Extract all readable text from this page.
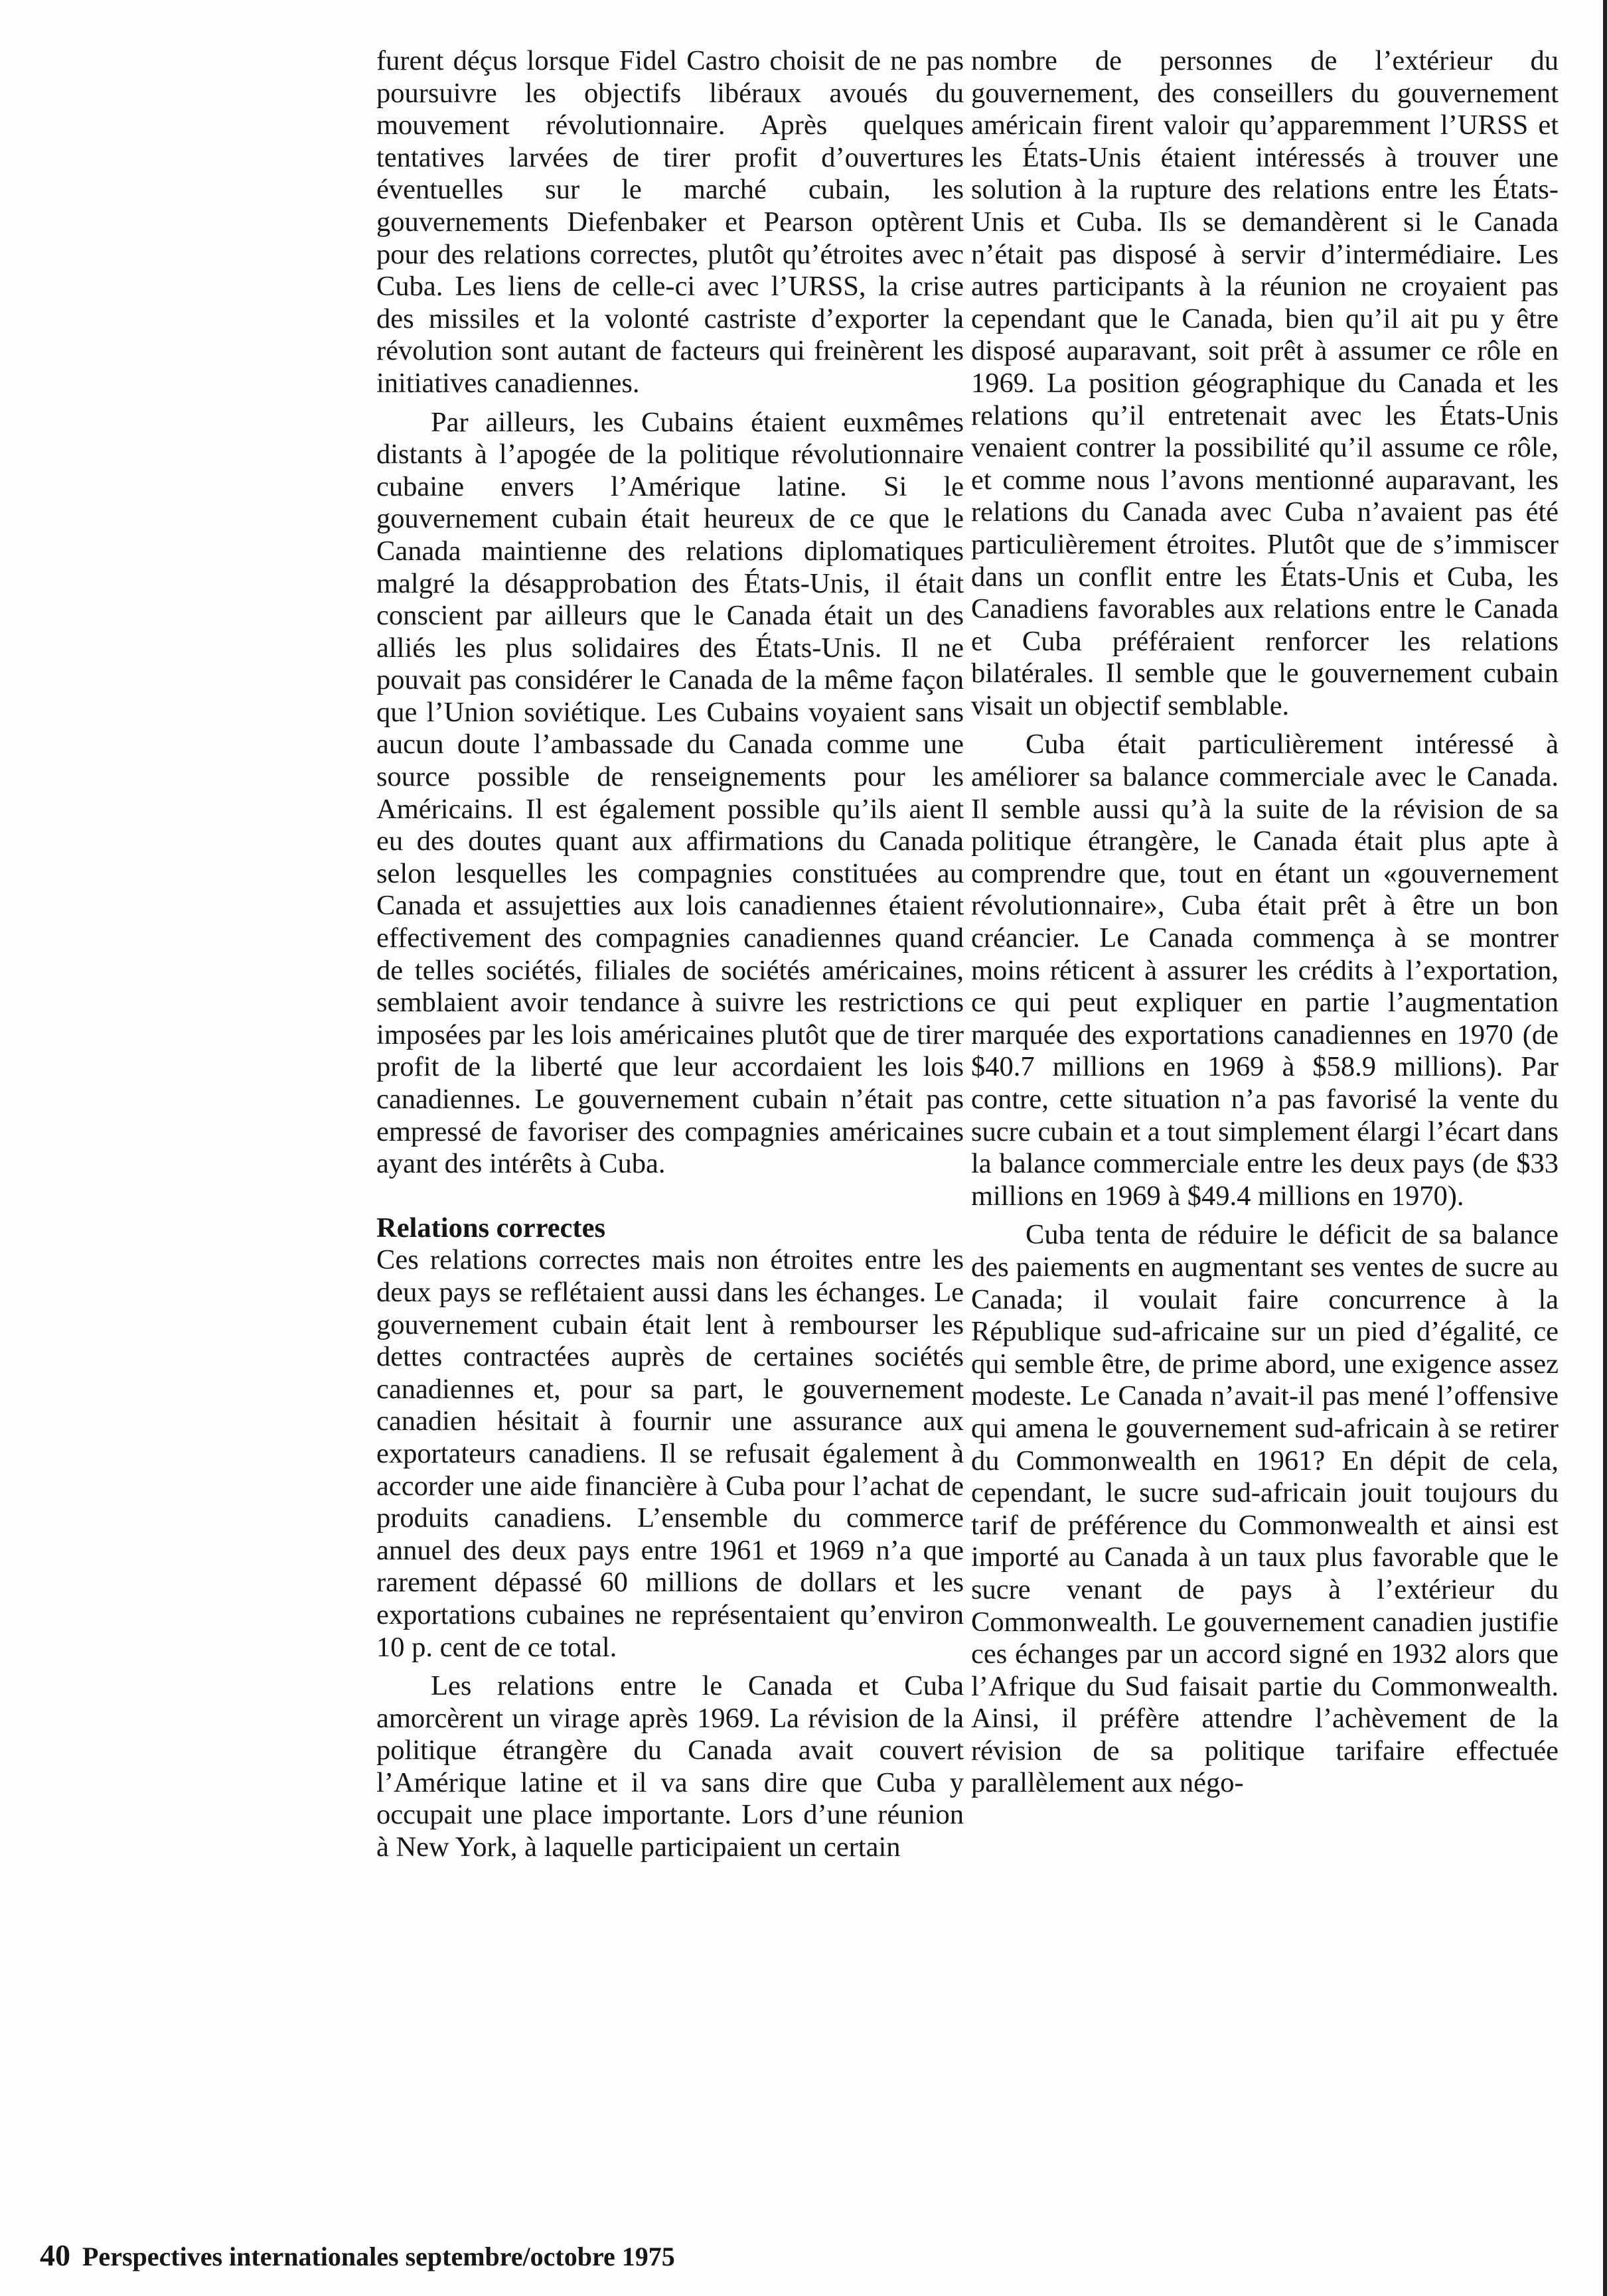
furent déçus lorsque Fidel Castro choisit de ne pas poursuivre les objectifs libéraux avoués du mouvement révolutionnaire. Après quelques tentatives larvées de tirer profit d’ouvertures éventuelles sur le marché cubain, les gouvernements Diefenbaker et Pearson optèrent pour des relations correctes, plutôt qu’étroites avec Cuba. Les liens de celle-ci avec l’URSS, la crise des missiles et la volonté castriste d’exporter la révolution sont autant de facteurs qui freinèrent les initiatives canadiennes.

Par ailleurs, les Cubains étaient euxmêmes distants à l’apogée de la politique révolutionnaire cubaine envers l’Amérique latine. Si le gouvernement cubain était heureux de ce que le Canada maintienne des relations diplomatiques malgré la désapprobation des États-Unis, il était conscient par ailleurs que le Canada était un des alliés les plus solidaires des États-Unis. Il ne pouvait pas considérer le Canada de la même façon que l’Union soviétique. Les Cubains voyaient sans aucun doute l’ambassade du Canada comme une source possible de renseignements pour les Américains. Il est également possible qu’ils aient eu des doutes quant aux affirmations du Canada selon lesquelles les compagnies constituées au Canada et assujetties aux lois canadiennes étaient effectivement des compagnies canadiennes quand de telles sociétés, filiales de sociétés américaines, semblaient avoir tendance à suivre les restrictions imposées par les lois américaines plutôt que de tirer profit de la liberté que leur accordaient les lois canadiennes. Le gouvernement cubain n’était pas empressé de favoriser des compagnies américaines ayant des intérêts à Cuba.

Relations correctes

Ces relations correctes mais non étroites entre les deux pays se reflétaient aussi dans les échanges. Le gouvernement cubain était lent à rembourser les dettes contractées auprès de certaines sociétés canadiennes et, pour sa part, le gouvernement canadien hésitait à fournir une assurance aux exportateurs canadiens. Il se refusait également à accorder une aide financière à Cuba pour l’achat de produits canadiens. L’ensemble du commerce annuel des deux pays entre 1961 et 1969 n’a que rarement dépassé 60 millions de dollars et les exportations cubaines ne représentaient qu’environ 10 p. cent de ce total.

Les relations entre le Canada et Cuba amorcèrent un virage après 1969. La révision de la politique étrangère du Canada avait couvert l’Amérique latine et il va sans dire que Cuba y occupait une place importante. Lors d’une réunion à New York, à laquelle participaient un certain

nombre de personnes de l’extérieur du gouvernement, des conseillers du gouvernement américain firent valoir qu’apparemment l’URSS et les États-Unis étaient intéressés à trouver une solution à la rupture des relations entre les États-Unis et Cuba. Ils se demandèrent si le Canada n’était pas disposé à servir d’intermédiaire. Les autres participants à la réunion ne croyaient pas cependant que le Canada, bien qu’il ait pu y être disposé auparavant, soit prêt à assumer ce rôle en 1969. La position géographique du Canada et les relations qu’il entretenait avec les États-Unis venaient contrer la possibilité qu’il assume ce rôle, et comme nous l’avons mentionné auparavant, les relations du Canada avec Cuba n’avaient pas été particulièrement étroites. Plutôt que de s’immiscer dans un conflit entre les États-Unis et Cuba, les Canadiens favorables aux relations entre le Canada et Cuba préféraient renforcer les relations bilatérales. Il semble que le gouvernement cubain visait un objectif semblable.

Cuba était particulièrement intéressé à améliorer sa balance commerciale avec le Canada. Il semble aussi qu’à la suite de la révision de sa politique étrangère, le Canada était plus apte à comprendre que, tout en étant un «gouvernement révolutionnaire», Cuba était prêt à être un bon créancier. Le Canada commença à se montrer moins réticent à assurer les crédits à l’exportation, ce qui peut expliquer en partie l’augmentation marquée des exportations canadiennes en 1970 (de $40.7 millions en 1969 à $58.9 millions). Par contre, cette situation n’a pas favorisé la vente du sucre cubain et a tout simplement élargi l’écart dans la balance commerciale entre les deux pays (de $33 millions en 1969 à $49.4 millions en 1970).

Cuba tenta de réduire le déficit de sa balance des paiements en augmentant ses ventes de sucre au Canada; il voulait faire concurrence à la République sud-africaine sur un pied d’égalité, ce qui semble être, de prime abord, une exigence assez modeste. Le Canada n’avait-il pas mené l’offensive qui amena le gouvernement sud-africain à se retirer du Commonwealth en 1961? En dépit de cela, cependant, le sucre sud-africain jouit toujours du tarif de préférence du Commonwealth et ainsi est importé au Canada à un taux plus favorable que le sucre venant de pays à l’extérieur du Commonwealth. Le gouvernement canadien justifie ces échanges par un accord signé en 1932 alors que l’Afrique du Sud faisait partie du Commonwealth. Ainsi, il préfère attendre l’achèvement de la révision de sa politique tarifaire effectuée parallèlement aux négo-

40 Perspectives internationales septembre/octobre 1975
